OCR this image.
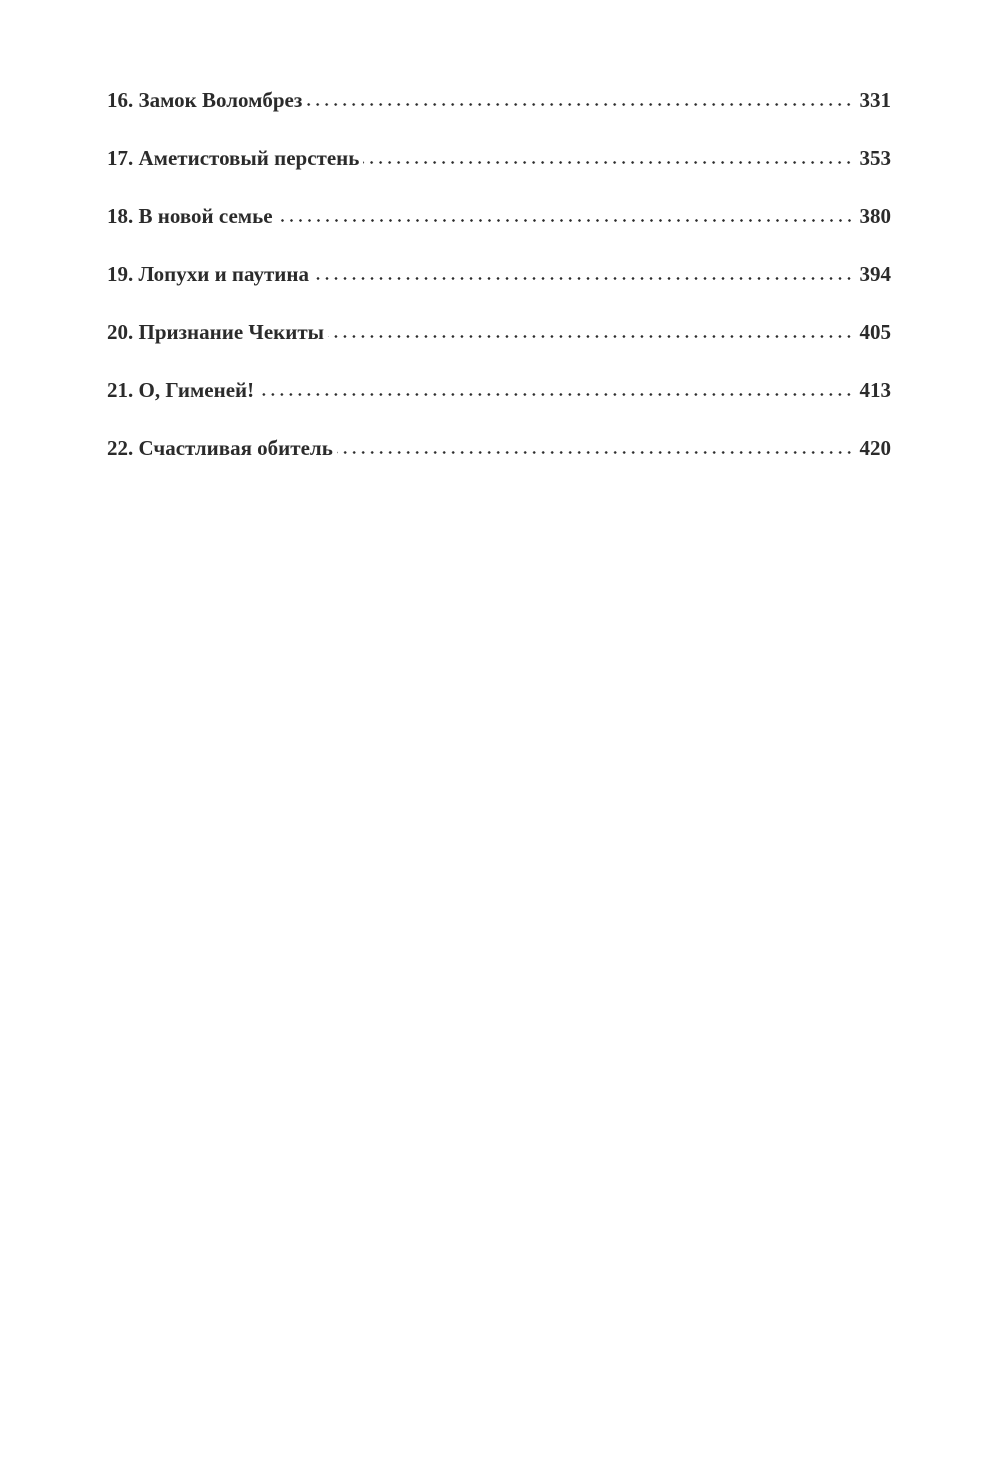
16. Замок Воломбрез	331
17. Аметистовый перстень	353
18. В новой семье	380
19. Лопухи и паутина	394
20. Признание Чекиты	405
21. О, Гименей!	413
22. Счастливая обитель	420
